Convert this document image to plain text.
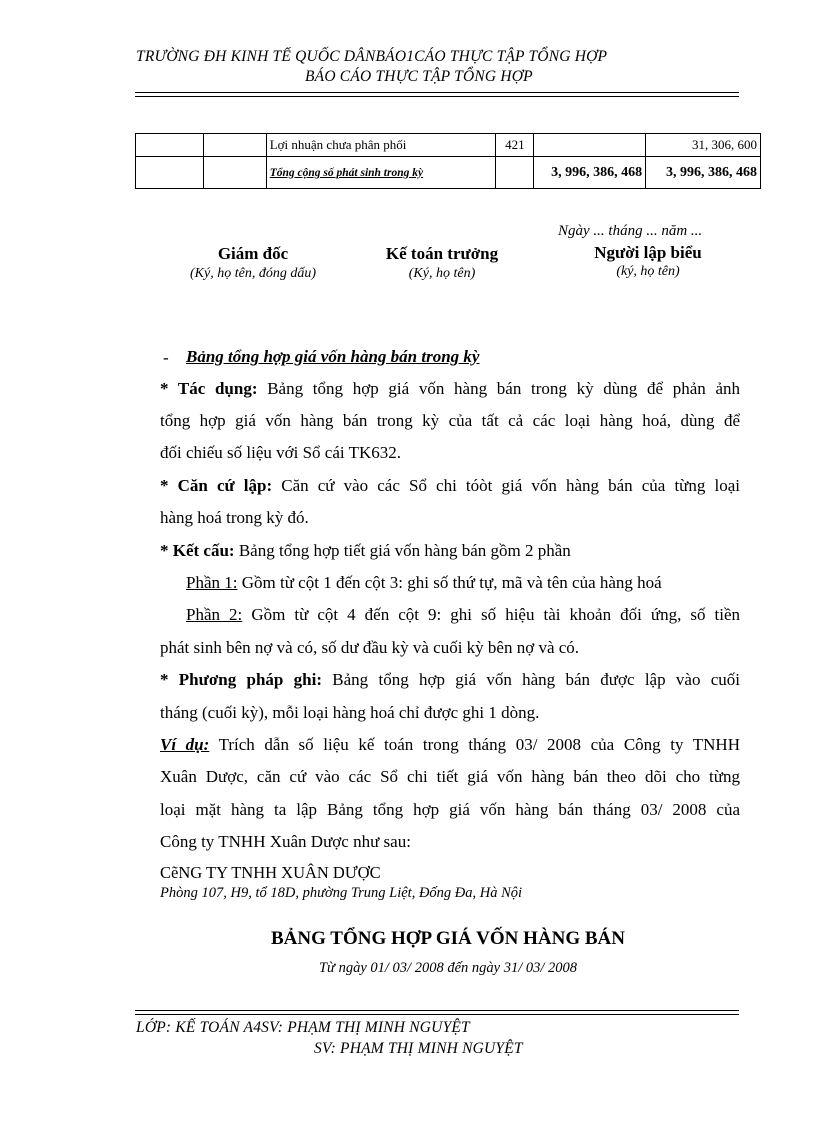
TRƯỜNG ĐH KINH TẾ QUỐC DÂNBÁO1CÁO THỰC TẬP TỔNG HỢP
BÁO CÁO THỰC TẬP TỔNG HỢP
		Lợi nhuận chưa phân phối	421		31, 306, 600
		Tổng cộng số phát sinh trong kỳ		3, 996, 386, 468	3, 996, 386, 468
Ngày ... tháng ... năm ...
Giám đốc
(Ký, họ tên, đóng dấu)
Kế toán trưởng
(Ký, họ tên)
Người lập biểu
(ký, họ tên)
- Bảng tổng hợp giá vốn hàng bán trong kỳ
* Tác dụng: Bảng tổng hợp giá vốn hàng bán trong kỳ dùng để phản ảnh
tổng hợp giá vốn hàng bán trong kỳ của tất cả các loại hàng hoá, dùng để
đối chiếu số liệu với Sổ cái TK632.
* Căn cứ lập: Căn cứ vào các Sổ chi tóòt giá vốn hàng bán của từng loại
hàng hoá trong kỳ đó.
* Kết cấu: Bảng tổng hợp tiết giá vốn hàng bán gồm 2 phần
Phần 1: Gồm từ cột 1 đến cột 3: ghi số thứ tự, mã và tên của hàng hoá
Phần 2: Gồm từ cột 4 đến cột 9: ghi số hiệu tài khoản đối ứng, số tiền
phát sinh bên nợ và có, số dư đầu kỳ và cuối kỳ bên nợ và có.
* Phương pháp ghi: Bảng tổng hợp giá vốn hàng bán được lập vào cuối
tháng (cuối kỳ), mỗi loại hàng hoá chỉ được ghi 1 dòng.
Ví dụ: Trích dẫn số liệu kế toán trong tháng 03/ 2008 của Công ty TNHH
Xuân Dược, căn cứ vào các Sổ chi tiết giá vốn hàng bán theo dõi cho từng
loại mặt hàng ta lập Bảng tổng hợp giá vốn hàng bán tháng 03/ 2008 của
Công ty TNHH Xuân Dược như sau:
CẽNG TY TNHH XUÂN DƯỢC
Phòng 107, H9, tổ 18D, phường Trung Liệt, Đống Đa, Hà Nội
BẢNG TỔNG HỢP GIÁ VỐN HÀNG BÁN
Từ ngày 01/ 03/ 2008 đến ngày 31/ 03/ 2008
LỚP: KẾ TOÁN A4SV: PHẠM THỊ MINH NGUYỆT
SV: PHẠM THỊ MINH NGUYỆT
